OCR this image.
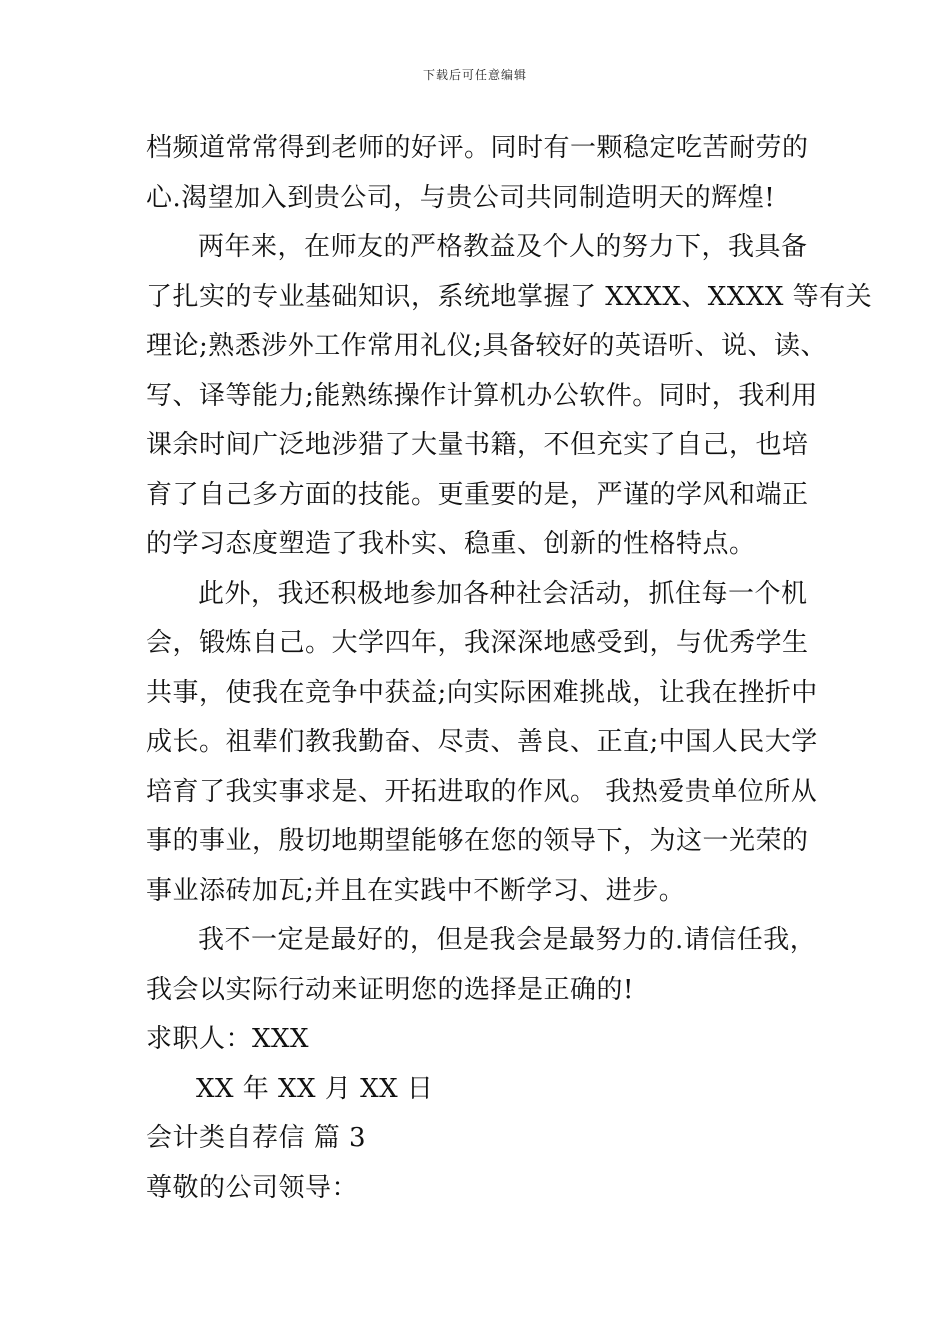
下载后可任意编辑
档频道常常得到老师的好评。同时有一颗稳定吃苦耐劳的
心.渴望加入到贵公司，与贵公司共同制造明天的辉煌!
两年来，在师友的严格教益及个人的努力下，我具备
了扎实的专业基础知识，系统地掌握了 XXXX、XXXX 等有关
理论;熟悉涉外工作常用礼仪;具备较好的英语听、说、读、
写、译等能力;能熟练操作计算机办公软件。同时，我利用
课余时间广泛地涉猎了大量书籍，不但充实了自己，也培
育了自己多方面的技能。更重要的是，严谨的学风和端正
的学习态度塑造了我朴实、稳重、创新的性格特点。
此外，我还积极地参加各种社会活动，抓住每一个机
会，锻炼自己。大学四年，我深深地感受到，与优秀学生
共事，使我在竞争中获益;向实际困难挑战，让我在挫折中
成长。祖辈们教我勤奋、尽责、善良、正直;中国人民大学
培育了我实事求是、开拓进取的作风。 我热爱贵单位所从
事的事业，殷切地期望能够在您的领导下，为这一光荣的
事业添砖加瓦;并且在实践中不断学习、进步。
我不一定是最好的，但是我会是最努力的.请信任我，
我会以实际行动来证明您的选择是正确的!
求职人：XXX
XX 年 XX 月 XX 日
会计类自荐信 篇 3
尊敬的公司领导：
